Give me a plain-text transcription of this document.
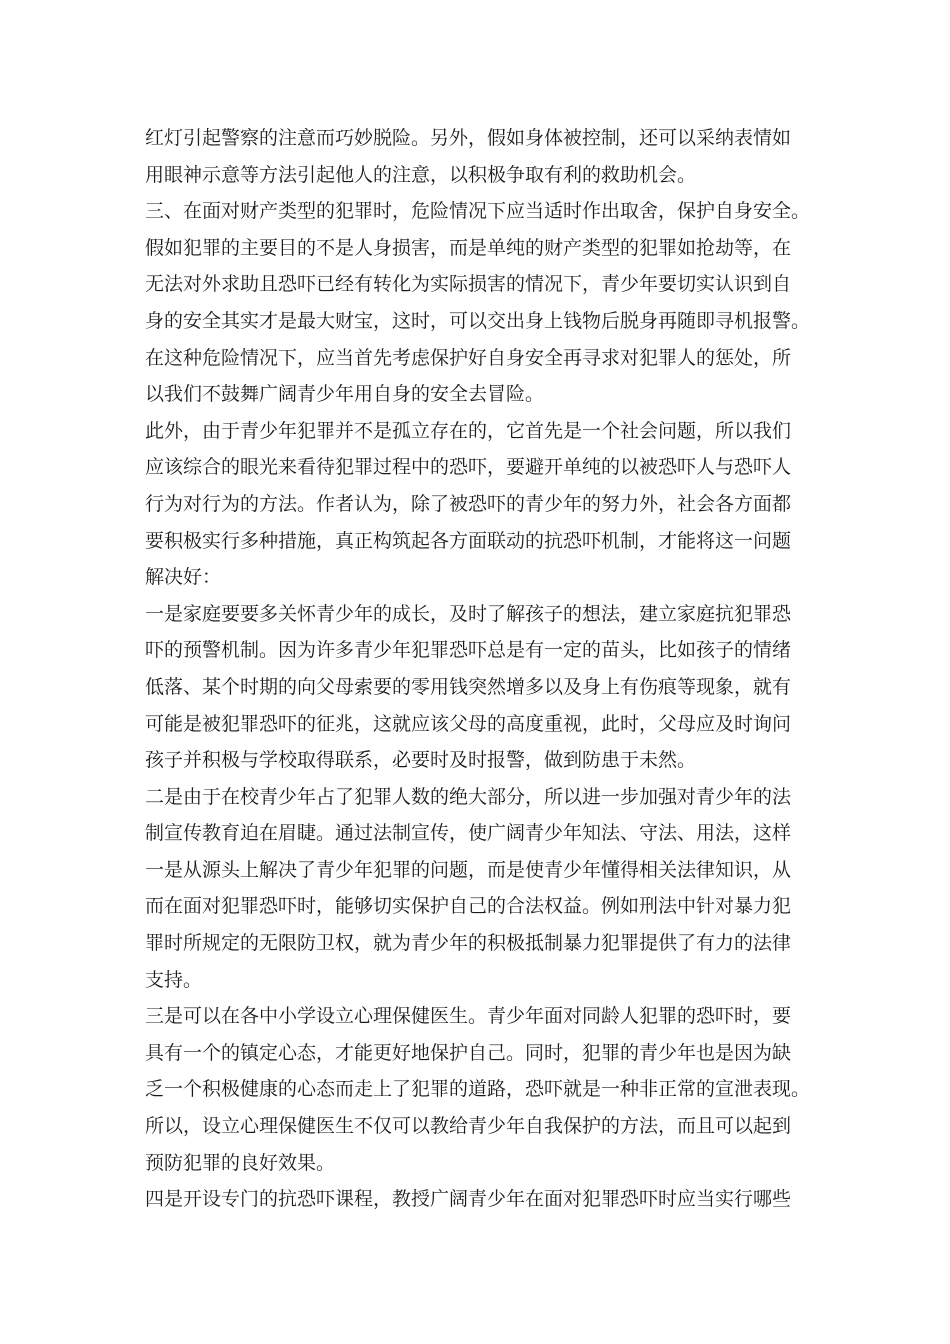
红灯引起警察的注意而巧妙脱险。另外，假如身体被控制，还可以采纳表情如
用眼神示意等方法引起他人的注意，以积极争取有利的救助机会。
三、在面对财产类型的犯罪时，危险情况下应当适时作出取舍，保护自身安全。
假如犯罪的主要目的不是人身损害，而是单纯的财产类型的犯罪如抢劫等，在
无法对外求助且恐吓已经有转化为实际损害的情况下，青少年要切实认识到自
身的安全其实才是最大财宝，这时，可以交出身上钱物后脱身再随即寻机报警。
在这种危险情况下，应当首先考虑保护好自身安全再寻求对犯罪人的惩处，所
以我们不鼓舞广阔青少年用自身的安全去冒险。
此外，由于青少年犯罪并不是孤立存在的，它首先是一个社会问题，所以我们
应该综合的眼光来看待犯罪过程中的恐吓，要避开单纯的以被恐吓人与恐吓人
行为对行为的方法。作者认为，除了被恐吓的青少年的努力外，社会各方面都
要积极实行多种措施，真正构筑起各方面联动的抗恐吓机制，才能将这一问题
解决好：
一是家庭要要多关怀青少年的成长，及时了解孩子的想法，建立家庭抗犯罪恐
吓的预警机制。因为许多青少年犯罪恐吓总是有一定的苗头，比如孩子的情绪
低落、某个时期的向父母索要的零用钱突然增多以及身上有伤痕等现象，就有
可能是被犯罪恐吓的征兆，这就应该父母的高度重视，此时，父母应及时询问
孩子并积极与学校取得联系，必要时及时报警，做到防患于未然。
二是由于在校青少年占了犯罪人数的绝大部分，所以进一步加强对青少年的法
制宣传教育迫在眉睫。通过法制宣传，使广阔青少年知法、守法、用法，这样
一是从源头上解决了青少年犯罪的问题，而是使青少年懂得相关法律知识，从
而在面对犯罪恐吓时，能够切实保护自己的合法权益。例如刑法中针对暴力犯
罪时所规定的无限防卫权，就为青少年的积极抵制暴力犯罪提供了有力的法律
支持。
三是可以在各中小学设立心理保健医生。青少年面对同龄人犯罪的恐吓时，要
具有一个的镇定心态，才能更好地保护自己。同时，犯罪的青少年也是因为缺
乏一个积极健康的心态而走上了犯罪的道路，恐吓就是一种非正常的宣泄表现。
所以，设立心理保健医生不仅可以教给青少年自我保护的方法，而且可以起到
预防犯罪的良好效果。
四是开设专门的抗恐吓课程，教授广阔青少年在面对犯罪恐吓时应当实行哪些
